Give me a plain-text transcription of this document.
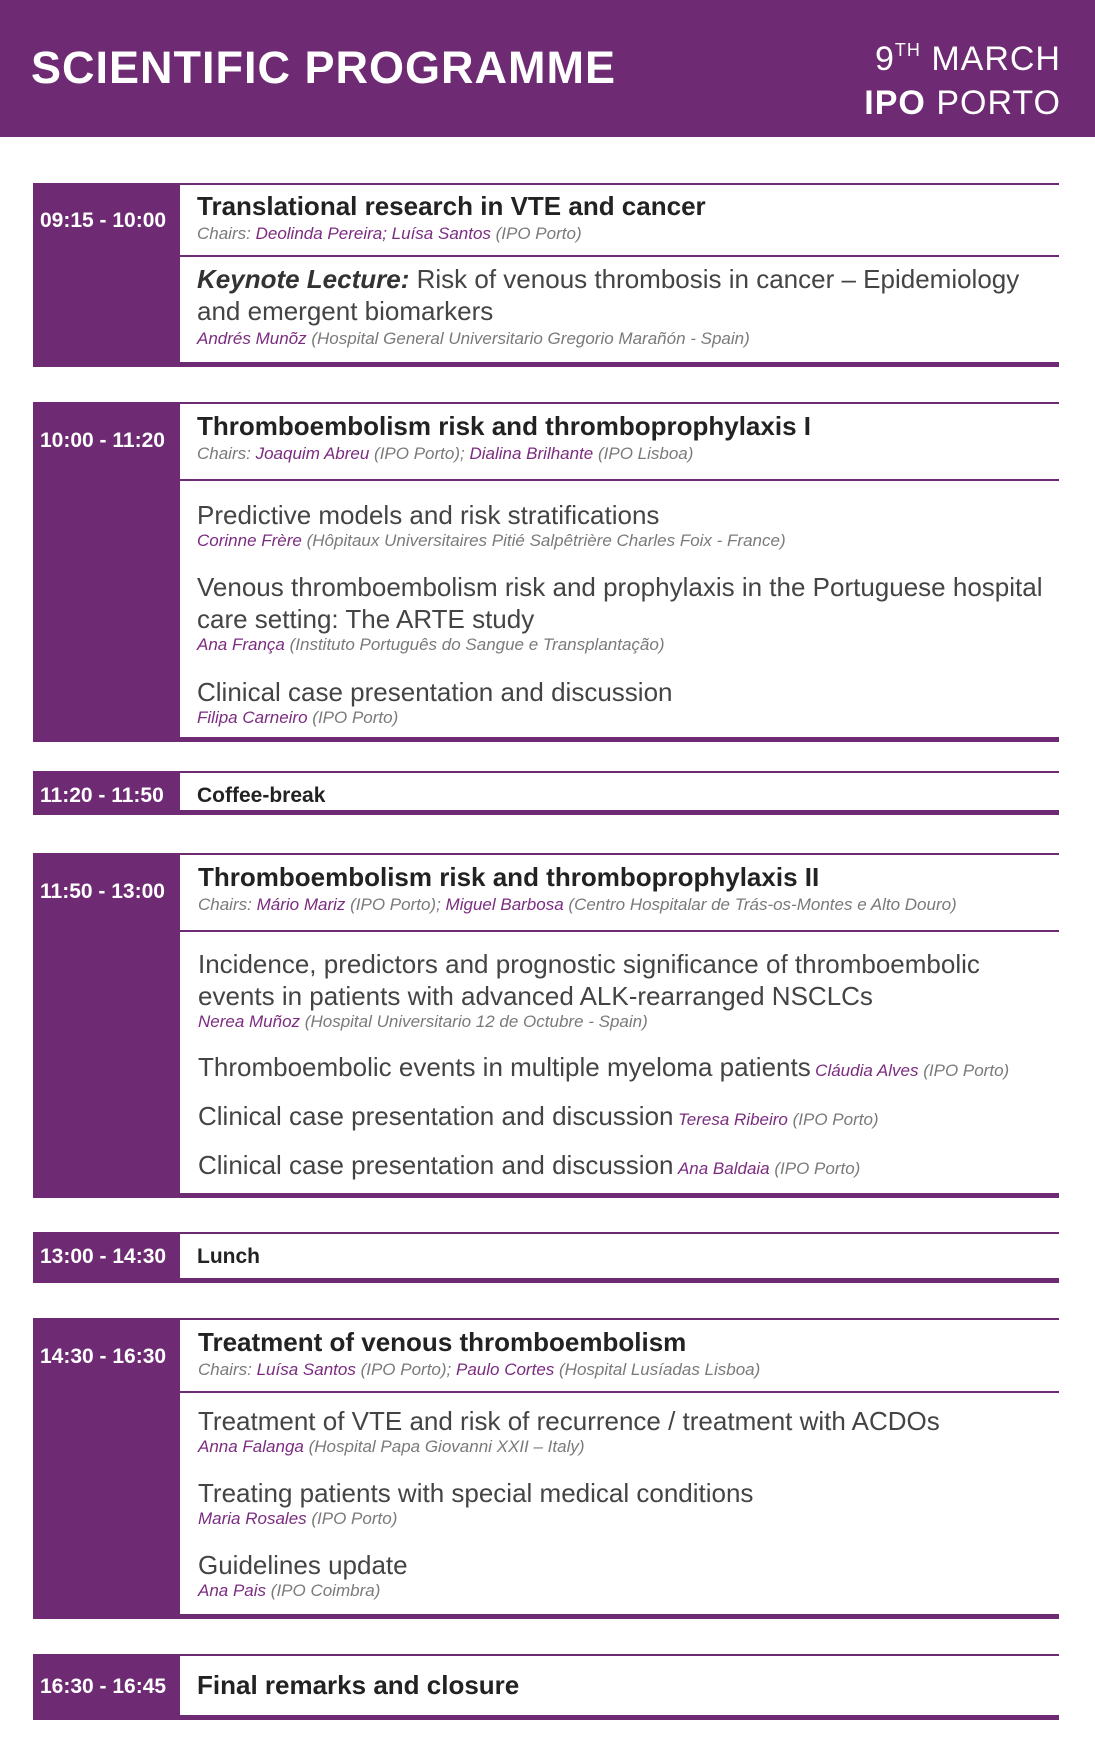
SCIENTIFIC PROGRAMME	9TH MARCH
IPO PORTO
09:15 - 10:00 Translational research in VTE and cancer
Chairs: Deolinda Pereira; Luísa Santos (IPO Porto)
Keynote Lecture: Risk of venous thrombosis in cancer – Epidemiology and emergent biomarkers
Andrés Munõz (Hospital General Universitario Gregorio Marañón - Spain)
10:00 - 11:20 Thromboembolism risk and thromboprophylaxis I
Chairs: Joaquim Abreu (IPO Porto); Dialina Brilhante (IPO Lisboa)
Predictive models and risk stratifications
Corinne Frère (Hôpitaux Universitaires Pitié Salpêtrière Charles Foix - France)
Venous thromboembolism risk and prophylaxis in the Portuguese hospital care setting: The ARTE study
Ana França (Instituto Português do Sangue e Transplantação)
Clinical case presentation and discussion
Filipa Carneiro (IPO Porto)
11:20 - 11:50 Coffee-break
11:50 - 13:00 Thromboembolism risk and thromboprophylaxis II
Chairs: Mário Mariz (IPO Porto); Miguel Barbosa (Centro Hospitalar de Trás-os-Montes e Alto Douro)
Incidence, predictors and prognostic significance of thromboembolic events in patients with advanced ALK-rearranged NSCLCs
Nerea Muñoz (Hospital Universitario 12 de Octubre - Spain)
Thromboembolic events in multiple myeloma patients Cláudia Alves (IPO Porto)
Clinical case presentation and discussion Teresa Ribeiro (IPO Porto)
Clinical case presentation and discussion Ana Baldaia (IPO Porto)
13:00 - 14:30 Lunch
14:30 - 16:30 Treatment of venous thromboembolism
Chairs: Luísa Santos (IPO Porto); Paulo Cortes (Hospital Lusíadas Lisboa)
Treatment of VTE and risk of recurrence / treatment with ACDOs
Anna Falanga (Hospital Papa Giovanni XXII – Italy)
Treating patients with special medical conditions
Maria Rosales (IPO Porto)
Guidelines update
Ana Pais (IPO Coimbra)
16:30 - 16:45 Final remarks and closure
